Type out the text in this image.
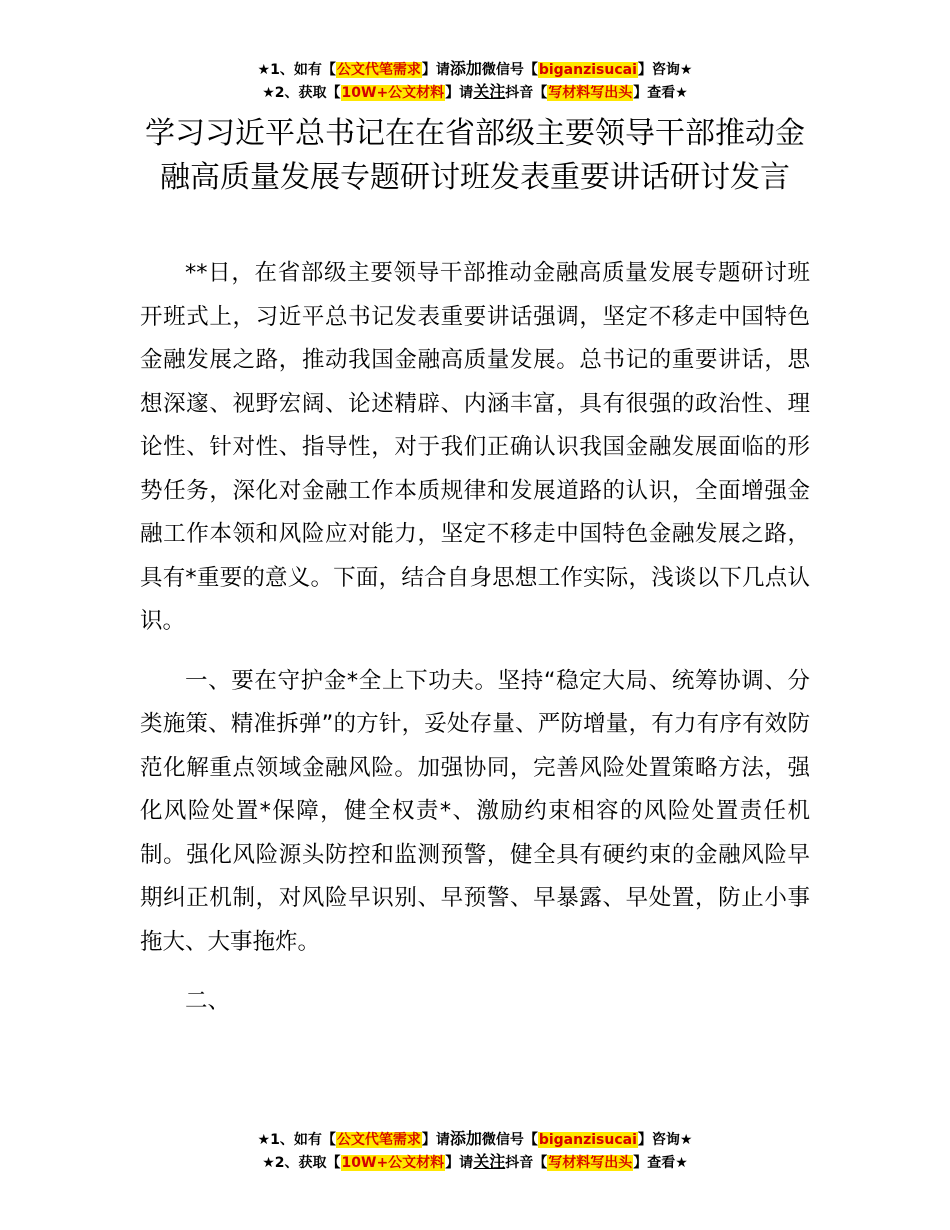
★1、如有【公文代笔需求】请添加微信号【biganzisucai】咨询★
★2、获取【10W+公文材料】请关注抖音【写材料写出头】查看★
学习习近平总书记在在省部级主要领导干部推动金融高质量发展专题研讨班发表重要讲话研讨发言

**日，在省部级主要领导干部推动金融高质量发展专题研讨班开班式上，习近平总书记发表重要讲话强调，坚定不移走中国特色金融发展之路，推动我国金融高质量发展。总书记的重要讲话，思想深邃、视野宏阔、论述精辟、内涵丰富，具有很强的政治性、理论性、针对性、指导性，对于我们正确认识我国金融发展面临的形势任务，深化对金融工作本质规律和发展道路的认识，全面增强金融工作本领和风险应对能力，坚定不移走中国特色金融发展之路，具有*重要的意义。下面，结合自身思想工作实际，浅谈以下几点认识。

一、要在守护金*全上下功夫。坚持“稳定大局、统筹协调、分类施策、精准拆弹”的方针，妥处存量、严防增量，有力有序有效防范化解重点领域金融风险。加强协同，完善风险处置策略方法，强化风险处置*保障，健全权责*、激励约束相容的风险处置责任机制。强化风险源头防控和监测预警，健全具有硬约束的金融风险早期纠正机制，对风险早识别、早预警、早暴露、早处置，防止小事拖大、大事拖炸。

二、

★1、如有【公文代笔需求】请添加微信号【biganzisucai】咨询★
★2、获取【10W+公文材料】请关注抖音【写材料写出头】查看★
